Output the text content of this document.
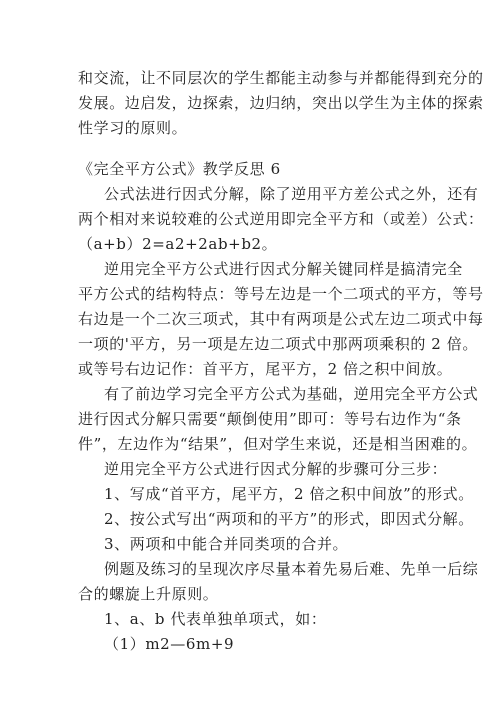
和交流，让不同层次的学生都能主动参与并都能得到充分的
发展。边启发，边探索，边归纳，突出以学生为主体的探索
性学习的原则。
《完全平方公式》教学反思 6
公式法进行因式分解，除了逆用平方差公式之外，还有
两个相对来说较难的公式逆用即完全平方和（或差）公式：
（a+b）2=a2+2ab+b2。
逆用完全平方公式进行因式分解关键同样是搞清完全
平方公式的结构特点：等号左边是一个二项式的平方，等号
右边是一个二次三项式，其中有两项是公式左边二项式中每
一项的'平方，另一项是左边二项式中那两项乘积的 2 倍。
或等号右边记作：首平方，尾平方，2 倍之积中间放。
有了前边学习完全平方公式为基础，逆用完全平方公式
进行因式分解只需要“颠倒使用”即可：等号右边作为“条
件”，左边作为“结果”，但对学生来说，还是相当困难的。
逆用完全平方公式进行因式分解的步骤可分三步：
1、写成“首平方，尾平方，2 倍之积中间放”的形式。
2、按公式写出“两项和的平方”的形式，即因式分解。
3、两项和中能合并同类项的合并。
例题及练习的呈现次序尽量本着先易后难、先单一后综
合的螺旋上升原则。
1、a、b 代表单独单项式，如：
（1）m2—6m+9
